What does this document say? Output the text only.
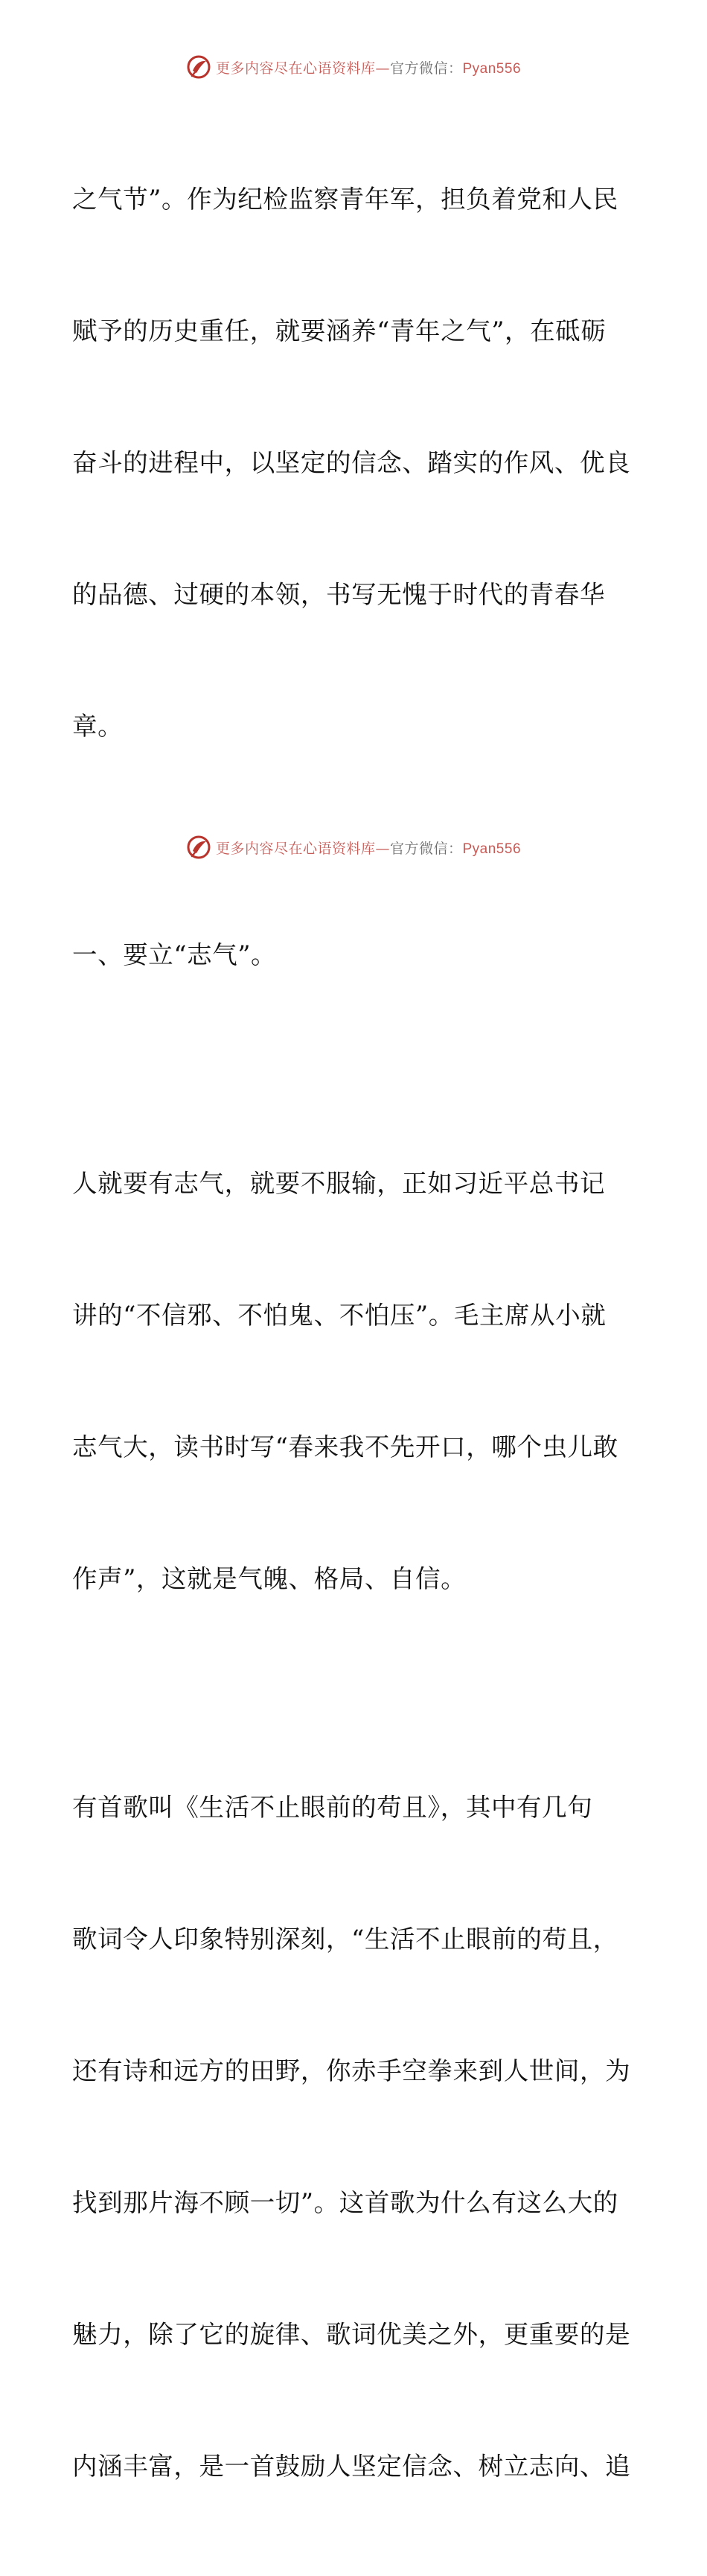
更多内容尽在心语资料库—官方微信：Pyan556

之气节”。作为纪检监察青年军，担负着党和人民

赋予的历史重任，就要涵养“青年之气”，在砥砺

奋斗的进程中，以坚定的信念、踏实的作风、优良

的品德、过硬的本领，书写无愧于时代的青春华

章。

一、要立“志气”。

人就要有志气，就要不服输，正如习近平总书记

讲的“不信邪、不怕鬼、不怕压”。毛主席从小就

志气大，读书时写“春来我不先开口，哪个虫儿敢

作声”，这就是气魄、格局、自信。

有首歌叫《生活不止眼前的苟且》，其中有几句

歌词令人印象特别深刻，“生活不止眼前的苟且，

还有诗和远方的田野，你赤手空拳来到人世间，为

找到那片海不顾一切”。这首歌为什么有这么大的

魅力，除了它的旋律、歌词优美之外，更重要的是

内涵丰富，是一首鼓励人坚定信念、树立志向、追

更多内容尽在心语资料库—官方微信：Pyan556
